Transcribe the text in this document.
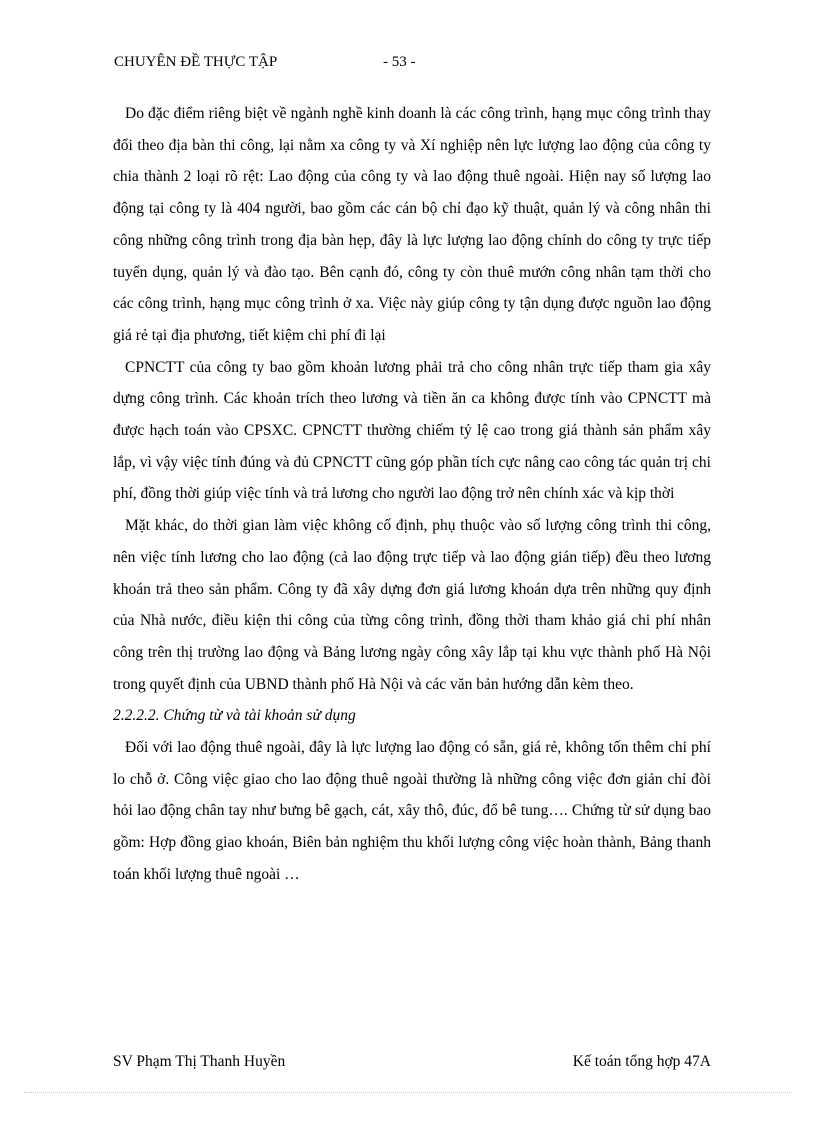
CHUYÊN ĐỀ THỰC TẬP	- 53 -

Do đặc điểm riêng biệt về ngành nghề kinh doanh là các công trình, hạng mục công trình thay đổi theo địa bàn thi công, lại nằm xa công ty và Xí nghiệp nên lực lượng lao động của công ty chia thành 2 loại rõ rệt: Lao động của công ty và lao động thuê ngoài. Hiện nay số lượng lao động tại công ty là 404 người, bao gồm các cán bộ chỉ đạo kỹ thuật, quản lý và công nhân thi công những công trình trong địa bàn hẹp, đây là lực lượng lao động chính do công ty trực tiếp tuyển dụng, quản lý và đào tạo. Bên cạnh đó, công ty còn thuê mướn công nhân tạm thời cho các công trình, hạng mục công trình ở xa. Việc này giúp công ty tận dụng được nguồn lao động giá rẻ tại địa phương, tiết kiệm chi phí đi lại

CPNCTT của công ty bao gồm khoản lương phải trả cho công nhân trực tiếp tham gia xây dựng công trình. Các khoản trích theo lương và tiền ăn ca không được tính vào CPNCTT mà được hạch toán vào CPSXC. CPNCTT thường chiếm tỷ lệ cao trong giá thành sản phẩm xây lắp, vì vậy việc tính đúng và đủ CPNCTT cũng góp phần tích cực nâng cao công tác quản trị chi phí, đồng thời giúp việc tính và trả lương cho người lao động trở nên chính xác và kịp thời

Mặt khác, do thời gian làm việc không cố định, phụ thuộc vào số lượng công trình thi công, nên việc tính lương cho lao động (cả lao động trực tiếp và lao động gián tiếp) đều theo lương khoán trả theo sản phẩm. Công ty đã xây dựng đơn giá lương khoán dựa trên những quy định của Nhà nước, điều kiện thi công của từng công trình, đồng thời tham khảo giá chi phí nhân công trên thị trường lao động và Bảng lương ngày công xây lắp tại khu vực thành phố Hà Nội trong quyết định của UBND thành phố Hà Nội và các văn bản hướng dẫn kèm theo.

2.2.2.2. Chứng từ và tài khoản sử dụng

Đối với lao động thuê ngoài, đây là lực lượng lao động có sẵn, giá rẻ, không tốn thêm chi phí lo chỗ ở. Công việc giao cho lao động thuê ngoài thường là những công việc đơn giản chỉ đòi hỏi lao động chân tay như bưng bê gạch, cát, xây thô, đúc, đổ bê tung…. Chứng từ sử dụng bao gồm: Hợp đồng giao khoán, Biên bản nghiệm thu khối lượng công việc hoàn thành, Bảng thanh toán khối lượng thuê ngoài …

SV Phạm Thị Thanh Huyền	Kế toán tổng hợp 47A
